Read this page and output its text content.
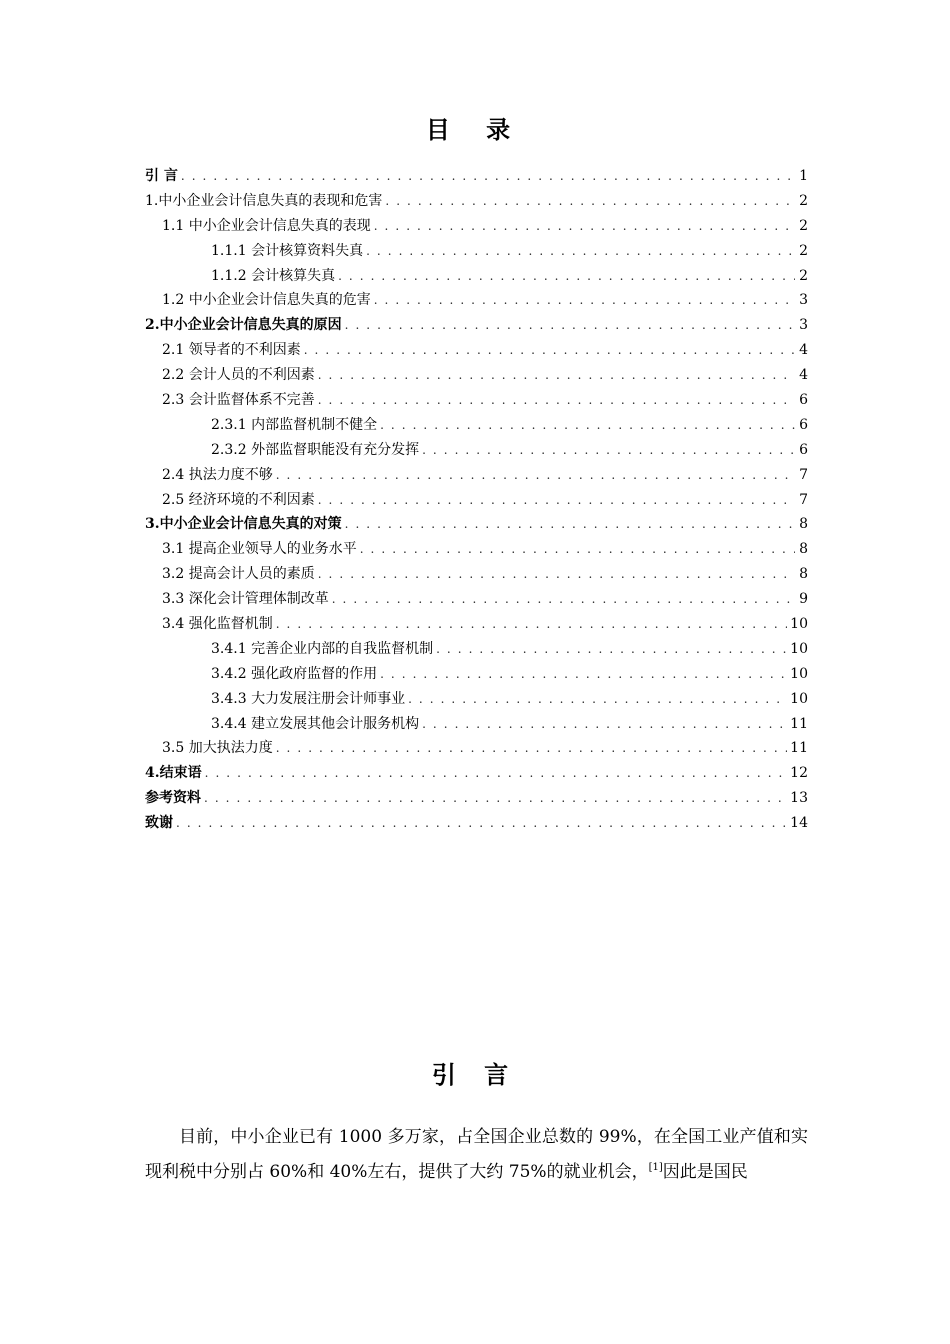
目 录
引 言 . . .	1
1.中小企业会计信息失真的表现和危害 . . .	2
1.1 中小企业会计信息失真的表现 . . .	2
1.1.1 会计核算资料失真 . . .	2
1.1.2 会计核算失真 . . .	2
1.2 中小企业会计信息失真的危害 . . .	3
2.中小企业会计信息失真的原因 . . .	3
2.1 领导者的不利因素 . . .	4
2.2 会计人员的不利因素 . . .	4
2.3 会计监督体系不完善 . . .	6
2.3.1 内部监督机制不健全 . . .	6
2.3.2 外部监督职能没有充分发挥 . . .	6
2.4 执法力度不够 . . .	7
2.5 经济环境的不利因素 . . .	7
3.中小企业会计信息失真的对策 . . .	8
3.1 提高企业领导人的业务水平 . . .	8
3.2 提高会计人员的素质 . . .	8
3.3 深化会计管理体制改革 . . .	9
3.4 强化监督机制 . . .	10
3.4.1 完善企业内部的自我监督机制 . . .	10
3.4.2 强化政府监督的作用 . . .	10
3.4.3 大力发展注册会计师事业 . . .	10
3.4.4 建立发展其他会计服务机构 . . .	11
3.5 加大执法力度 . . .	11
4.结束语 . . .	12
参考资料 . . .	13
致谢 . . .	14
引 言

目前，中小企业已有 1000 多万家，占全国企业总数的 99%，在全国工业产值和实现利税中分别占 60%和 40%左右，提供了大约 75%的就业机会，[1]因此是国民
